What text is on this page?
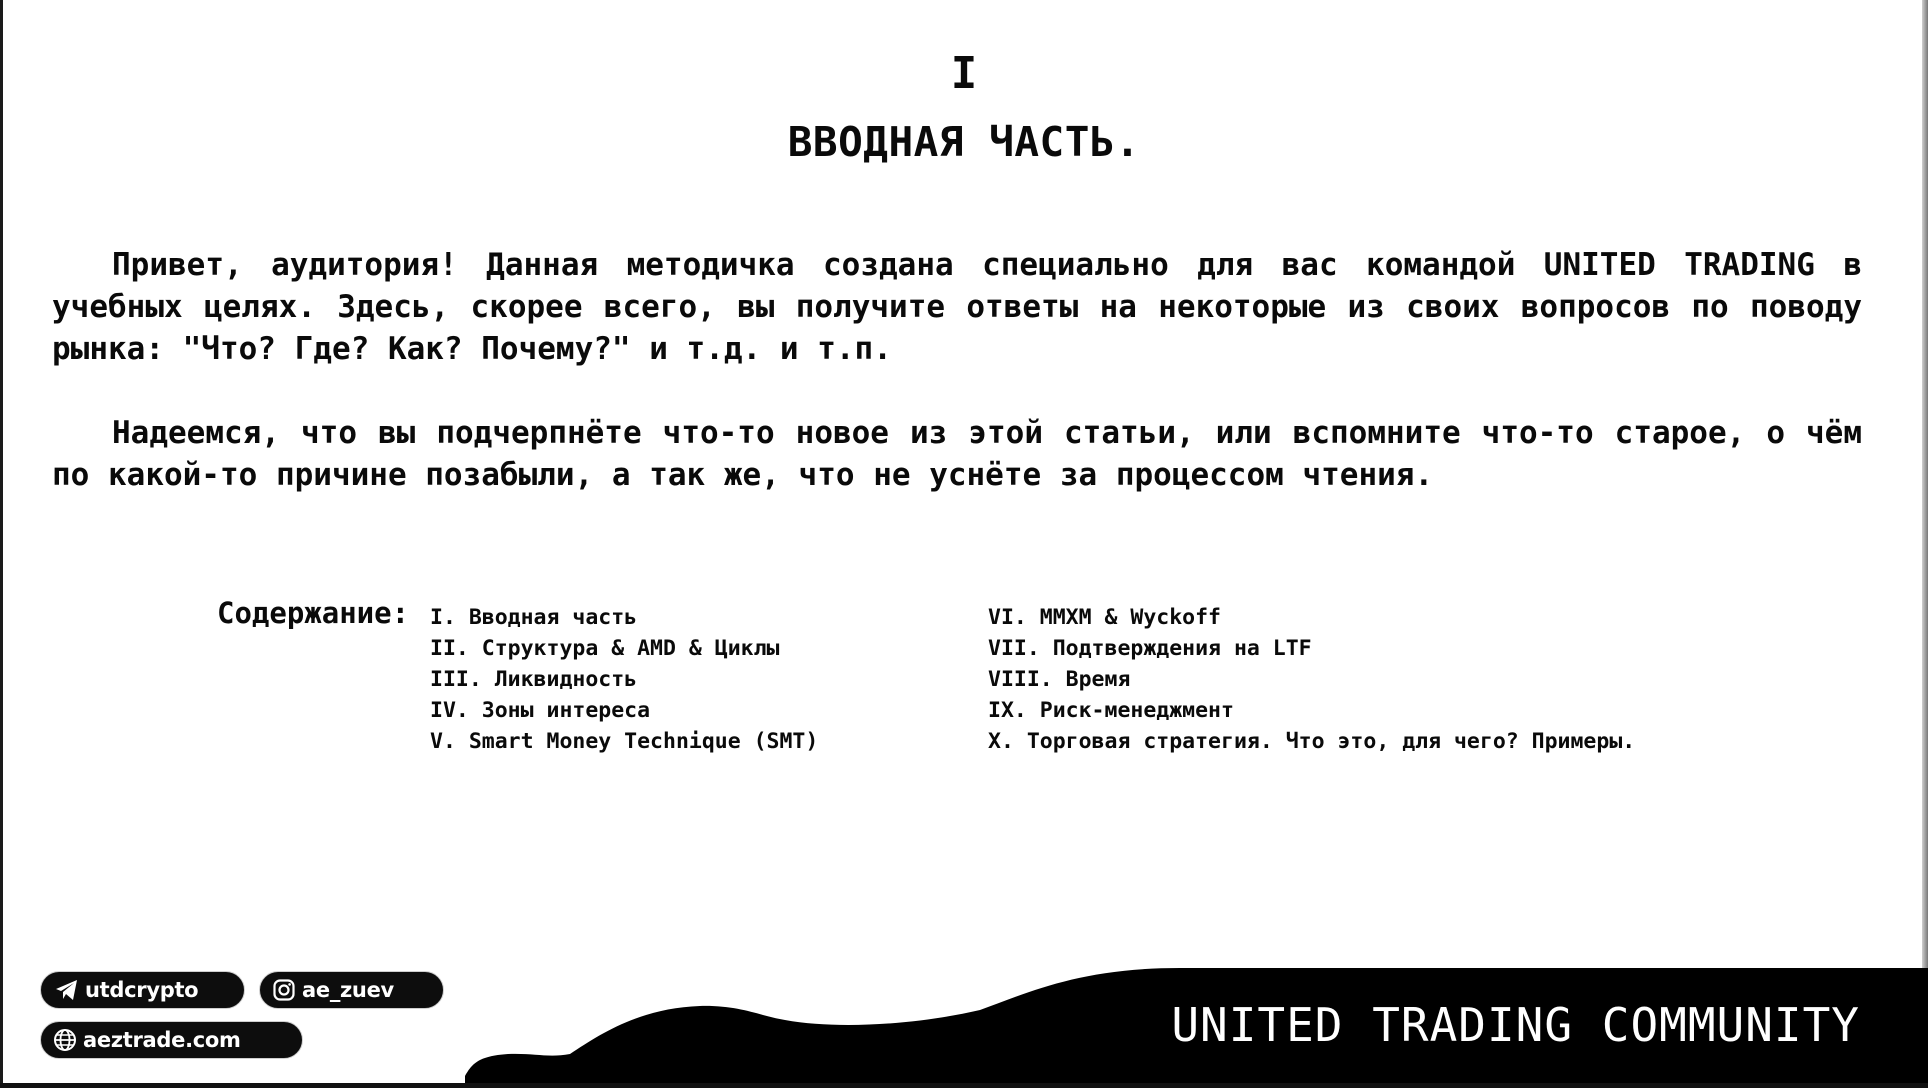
I
ВВОДНАЯ ЧАСТЬ.

Привет, аудитория! Данная методичка создана специально для вас командой UNITED TRADING в учебных целях. Здесь, скорее всего, вы получите ответы на некоторые из своих вопросов по поводу рынка: "Что? Где? Как? Почему?" и т.д. и т.п.

Надеемся, что вы подчерпнёте что-то новое из этой статьи, или вспомните что-то старое, о чём по какой-то причине позабыли, а так же, что не уснёте за процессом чтения.

Содержание: I. Вводная часть
II. Структура & AMD & Циклы
III. Ликвидность
IV. Зоны интереса
V. Smart Money Technique (SMT)
VI. MMXM & Wyckoff
VII. Подтверждения на LTF
VIII. Время
IX. Риск-менеджмент
X. Торговая стратегия. Что это, для чего? Примеры.
UNITED TRADING COMMUNITY
utdcrypto	ae_zuev
aeztrade.com
